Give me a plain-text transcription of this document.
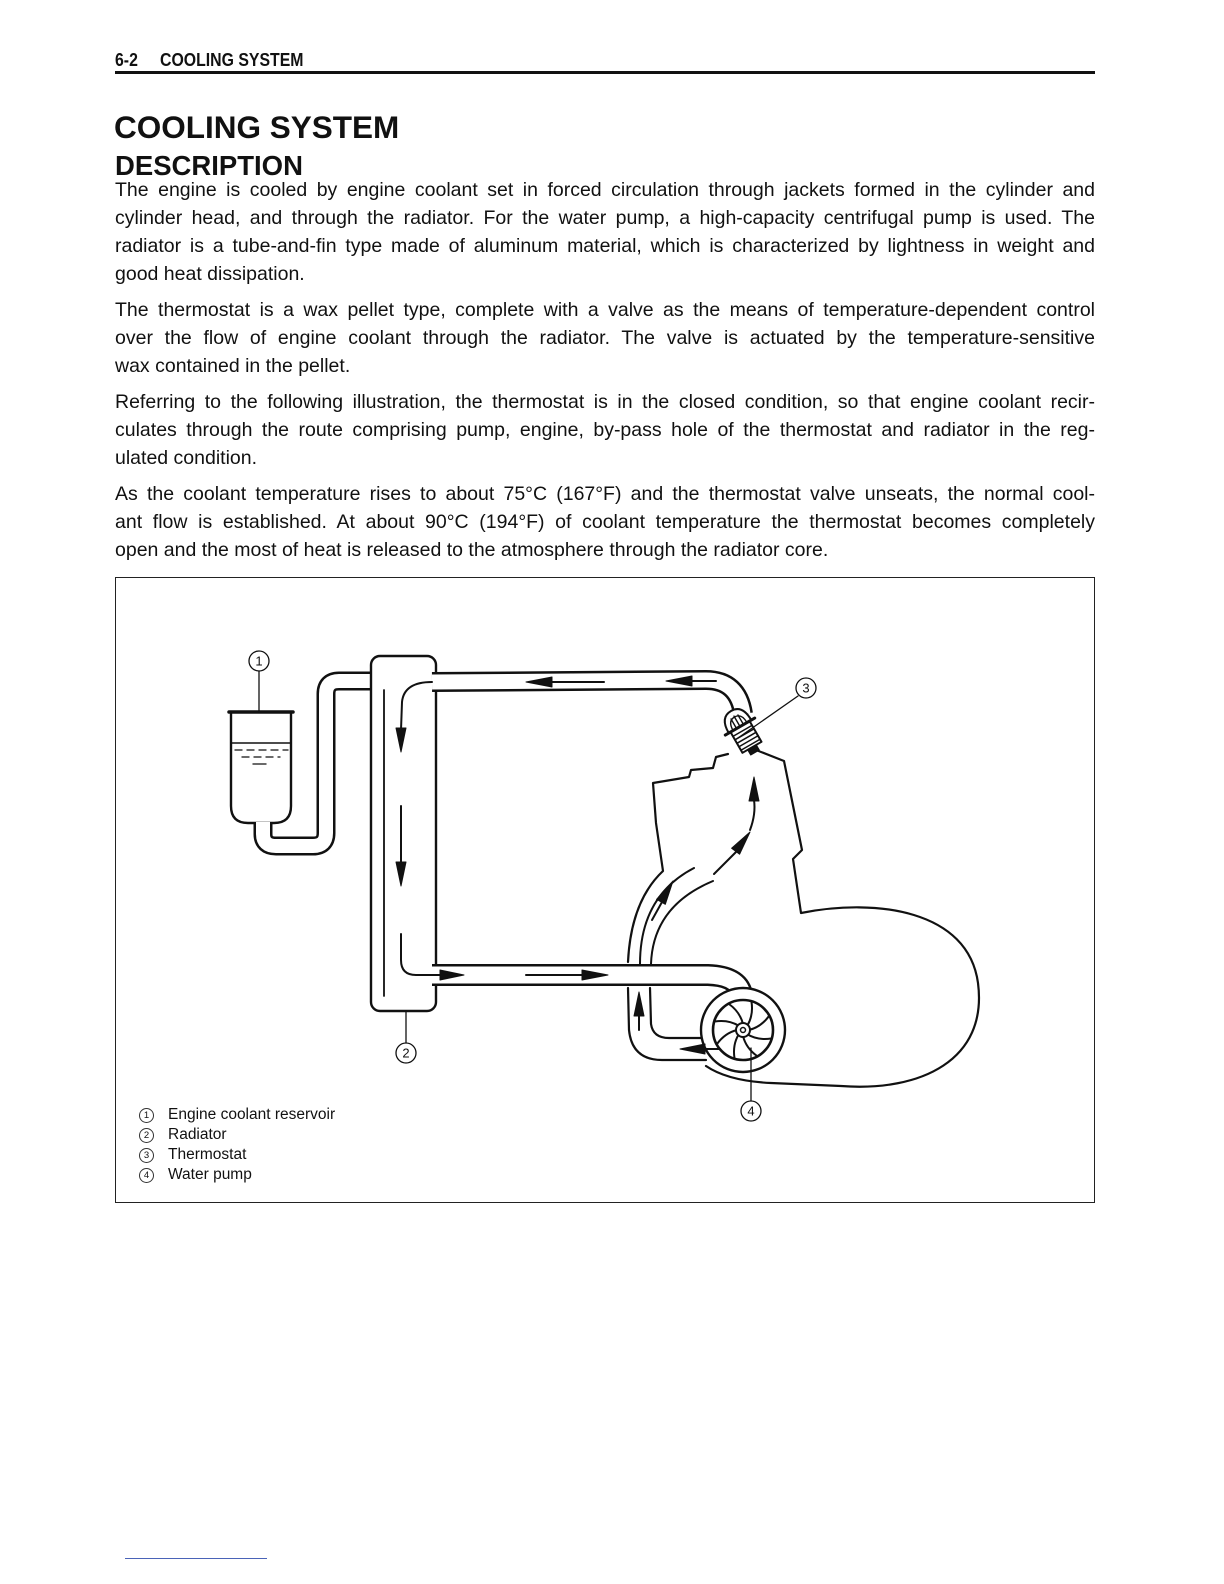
6-2 COOLING SYSTEM
COOLING SYSTEM
DESCRIPTION
The engine is cooled by engine coolant set in forced circulation through jackets formed in the cylinder and
cylinder head, and through the radiator. For the water pump, a high-capacity centrifugal pump is used. The
radiator is a tube-and-fin type made of aluminum material, which is characterized by lightness in weight and
good heat dissipation.
The thermostat is a wax pellet type, complete with a valve as the means of temperature-dependent control
over the flow of engine coolant through the radiator. The valve is actuated by the temperature-sensitive
wax contained in the pellet.
Referring to the following illustration, the thermostat is in the closed condition, so that engine coolant recir-
culates through the route comprising pump, engine, by-pass hole of the thermostat and radiator in the reg-
ulated condition.
As the coolant temperature rises to about 75°C (167°F) and the thermostat valve unseats, the normal cool-
ant flow is established. At about 90°C (194°F) of coolant temperature the thermostat becomes completely
open and the most of heat is released to the atmosphere through the radiator core.
1
2
3
4
1	Engine coolant reservoir
2	Radiator
3	Thermostat
4	Water pump
